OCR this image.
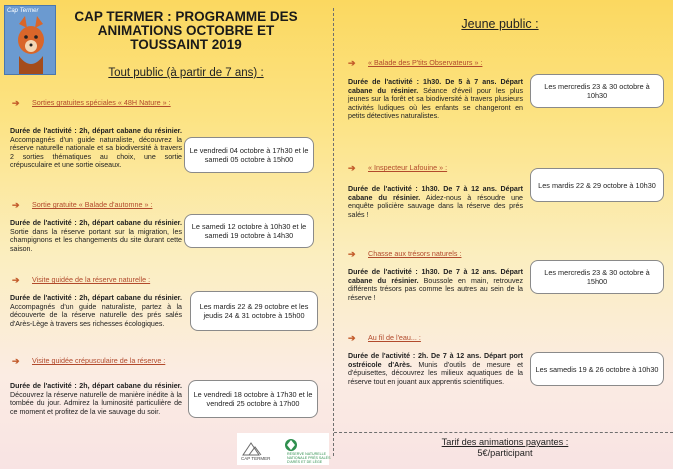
Cap Termer	CAP TERMER : PROGRAMME DES ANIMATIONS OCTOBRE ET TOUSSAINT 2019
Tout public (à partir de 7 ans) :
Jeune public :
➔ Sorties gratuites spéciales « 48H Nature » :
Durée de l'activité : 2h, départ cabane du résinier. Accompagnés d'un guide naturaliste, découvrez la réserve naturelle nationale et sa biodiversité à travers 2 sorties thématiques au choix, une sortie crépusculaire et une sortie oiseaux.
Le vendredi 04 octobre à 17h30 et le samedi 05 octobre à 15h00
➔ Sortie gratuite « Balade d'automne » :
Durée de l'activité : 2h, départ cabane du résinier. Sortie dans la réserve portant sur la migration, les champignons et les changements du site durant cette saison.
Le samedi 12 octobre à 10h30 et le samedi 19 octobre à 14h30
➔ Visite guidée de la réserve naturelle :
Durée de l'activité : 2h, départ cabane du résinier. Accompagnés d'un guide naturaliste, partez à la découverte de la réserve naturelle des prés salés d'Arès-Lège à travers ses richesses écologiques.
Les mardis 22 & 29 octobre et les jeudis 24 & 31 octobre à 15h00
➔ Visite guidée crépusculaire de la réserve :
Durée de l'activité : 2h, départ cabane du résinier. Découvrez la réserve naturelle de manière inédite à la tombée du jour. Admirez la luminosité particulière de ce moment et profitez de la vie sauvage du soir.
Le vendredi 18 octobre à 17h30 et le vendredi 25 octobre à 17h00
➔ « Balade des P'tits Observateurs » :
Durée de l'activité : 1h30. De 5 à 7 ans. Départ cabane du résinier. Séance d'éveil pour les plus jeunes sur la forêt et sa biodiversité à travers plusieurs activités ludiques où les enfants se changeront en petits détectives naturalistes.
Les mercredis 23 & 30 octobre à 10h30
➔ « Inspecteur Lafouine » :
Durée de l'activité : 1h30. De 7 à 12 ans. Départ cabane du résinier. Aidez-nous à résoudre une enquête policière sauvage dans la réserve des prés salés !
Les mardis 22 & 29 octobre à 10h30
➔ Chasse aux trésors naturels :
Durée de l'activité : 1h30. De 7 à 12 ans. Départ cabane du résinier. Boussole en main, retrouvez différents trésors pas comme les autres au sein de la réserve !
Les mercredis 23 & 30 octobre à 15h00
➔ Au fil de l'eau... :
Durée de l'activité : 2h. De 7 à 12 ans. Départ port ostréicole d'Arès. Munis d'outils de mesure et d'épuisettes, découvrez les milieux aquatiques de la réserve tout en jouant aux apprentis scientifiques.
Les samedis 19 & 26 octobre à 10h30
CAP TERMER
RÉSERVE NATURELLE NATIONALE PRÉS SALÉS D'ARÈS ET DE LÈGE
Tarif des animations payantes :
5€/participant
